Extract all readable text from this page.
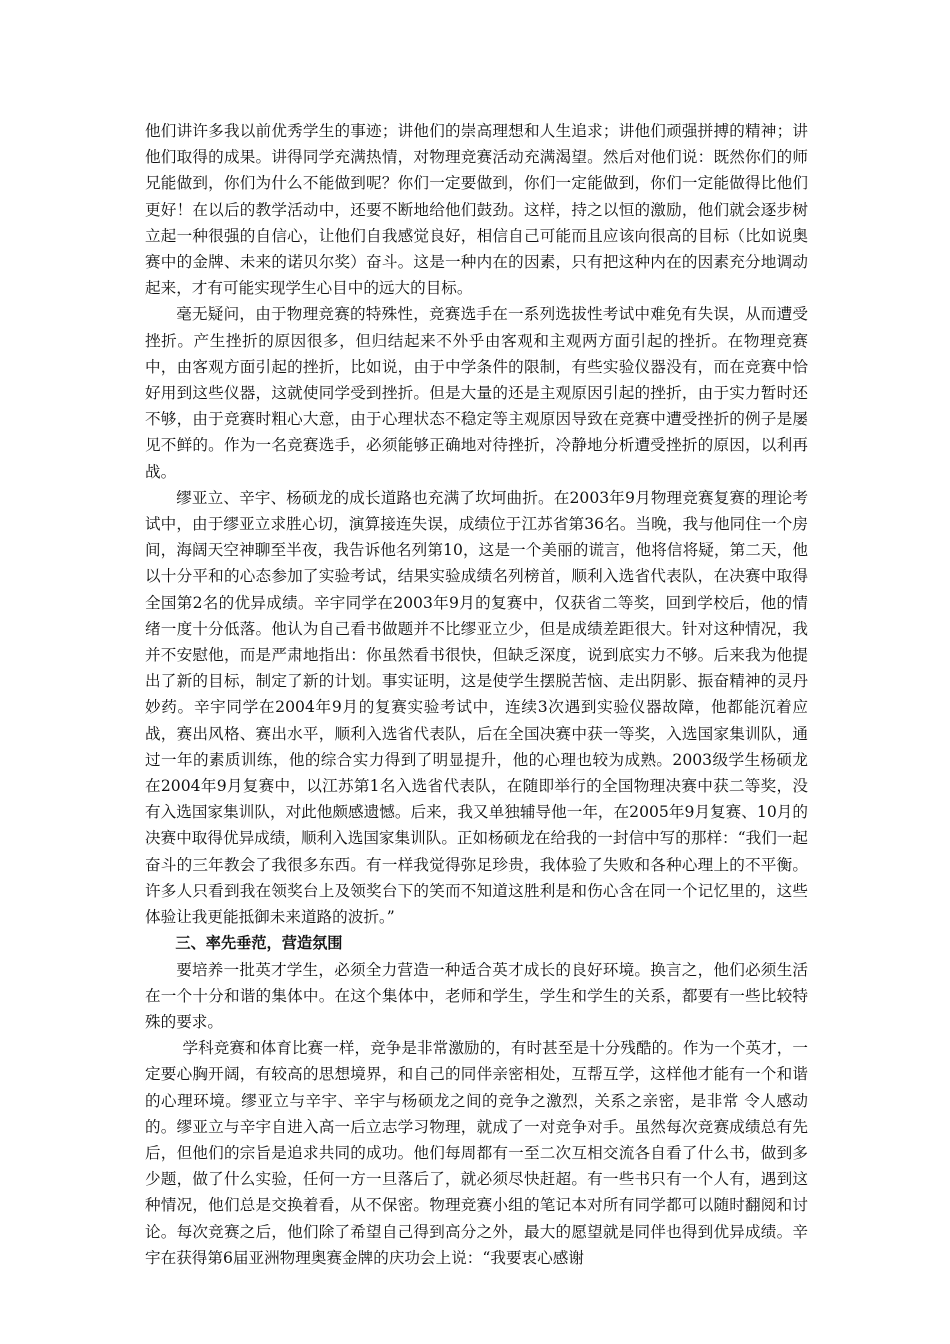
他们讲许多我以前优秀学生的事迹；讲他们的崇高理想和人生追求；讲他们顽强拼搏的精神；讲他们取得的成果。讲得同学充满热情，对物理竞赛活动充满渴望。然后对他们说：既然你们的师兄能做到，你们为什么不能做到呢？你们一定要做到，你们一定能做到，你们一定能做得比他们更好！在以后的教学活动中，还要不断地给他们鼓劲。这样，持之以恒的激励，他们就会逐步树立起一种很强的自信心，让他们自我感觉良好，相信自己可能而且应该向很高的目标（比如说奥赛中的金牌、未来的诺贝尔奖）奋斗。这是一种内在的因素，只有把这种内在的因素充分地调动起来，才有可能实现学生心目中的远大的目标。

毫无疑问，由于物理竞赛的特殊性，竞赛选手在一系列选拔性考试中难免有失误，从而遭受挫折。产生挫折的原因很多，但归结起来不外乎由客观和主观两方面引起的挫折。在物理竞赛中，由客观方面引起的挫折，比如说，由于中学条件的限制，有些实验仪器没有，而在竞赛中恰好用到这些仪器，这就使同学受到挫折。但是大量的还是主观原因引起的挫折，由于实力暂时还不够，由于竞赛时粗心大意，由于心理状态不稳定等主观原因导致在竞赛中遭受挫折的例子是屡见不鲜的。作为一名竞赛选手，必须能够正确地对待挫折，冷静地分析遭受挫折的原因，以利再战。

缪亚立、辛宇、杨硕龙的成长道路也充满了坎坷曲折。在2003年9月物理竞赛复赛的理论考试中，由于缪亚立求胜心切，演算接连失误，成绩位于江苏省第36名。当晚，我与他同住一个房间，海阔天空神聊至半夜，我告诉他名列第10，这是一个美丽的谎言，他将信将疑，第二天，他以十分平和的心态参加了实验考试，结果实验成绩名列榜首，顺利入选省代表队，在决赛中取得全国第2名的优异成绩。辛宇同学在2003年9月的复赛中，仅获省二等奖，回到学校后，他的情绪一度十分低落。他认为自己看书做题并不比缪亚立少，但是成绩差距很大。针对这种情况，我并不安慰他，而是严肃地指出：你虽然看书很快，但缺乏深度，说到底实力不够。后来我为他提出了新的目标，制定了新的计划。事实证明，这是使学生摆脱苦恼、走出阴影、振奋精神的灵丹妙药。辛宇同学在2004年9月的复赛实验考试中，连续3次遇到实验仪器故障，他都能沉着应战，赛出风格、赛出水平，顺利入选省代表队，后在全国决赛中获一等奖，入选国家集训队，通过一年的素质训练，他的综合实力得到了明显提升，他的心理也较为成熟。2003级学生杨硕龙在2004年9月复赛中，以江苏第1名入选省代表队，在随即举行的全国物理决赛中获二等奖，没有入选国家集训队，对此他颇感遗憾。后来，我又单独辅导他一年，在2005年9月复赛、10月的决赛中取得优异成绩，顺利入选国家集训队。正如杨硕龙在给我的一封信中写的那样：“我们一起奋斗的三年教会了我很多东西。有一样我觉得弥足珍贵，我体验了失败和各种心理上的不平衡。许多人只看到我在领奖台上及领奖台下的笑而不知道这胜利是和伤心含在同一个记忆里的，这些体验让我更能抵御未来道路的波折。”

三、率先垂范，营造氛围

要培养一批英才学生，必须全力营造一种适合英才成长的良好环境。换言之，他们必须生活在一个十分和谐的集体中。在这个集体中，老师和学生，学生和学生的关系，都要有一些比较特殊的要求。

学科竞赛和体育比赛一样，竞争是非常激励的，有时甚至是十分残酷的。作为一个英才，一定要心胸开阔，有较高的思想境界，和自己的同伴亲密相处，互帮互学，这样他才能有一个和谐的心理环境。缪亚立与辛宇、辛宇与杨硕龙之间的竞争之激烈，关系之亲密，是非常 令人感动的。缪亚立与辛宇自进入高一后立志学习物理，就成了一对竞争对手。虽然每次竞赛成绩总有先后，但他们的宗旨是追求共同的成功。他们每周都有一至二次互相交流各自看了什么书，做到多少题，做了什么实验，任何一方一旦落后了，就必须尽快赶超。有一些书只有一个人有，遇到这种情况，他们总是交换着看，从不保密。物理竞赛小组的笔记本对所有同学都可以随时翻阅和讨论。每次竞赛之后，他们除了希望自己得到高分之外，最大的愿望就是同伴也得到优异成绩。辛宇在获得第6届亚洲物理奥赛金牌的庆功会上说：“我要衷心感谢
